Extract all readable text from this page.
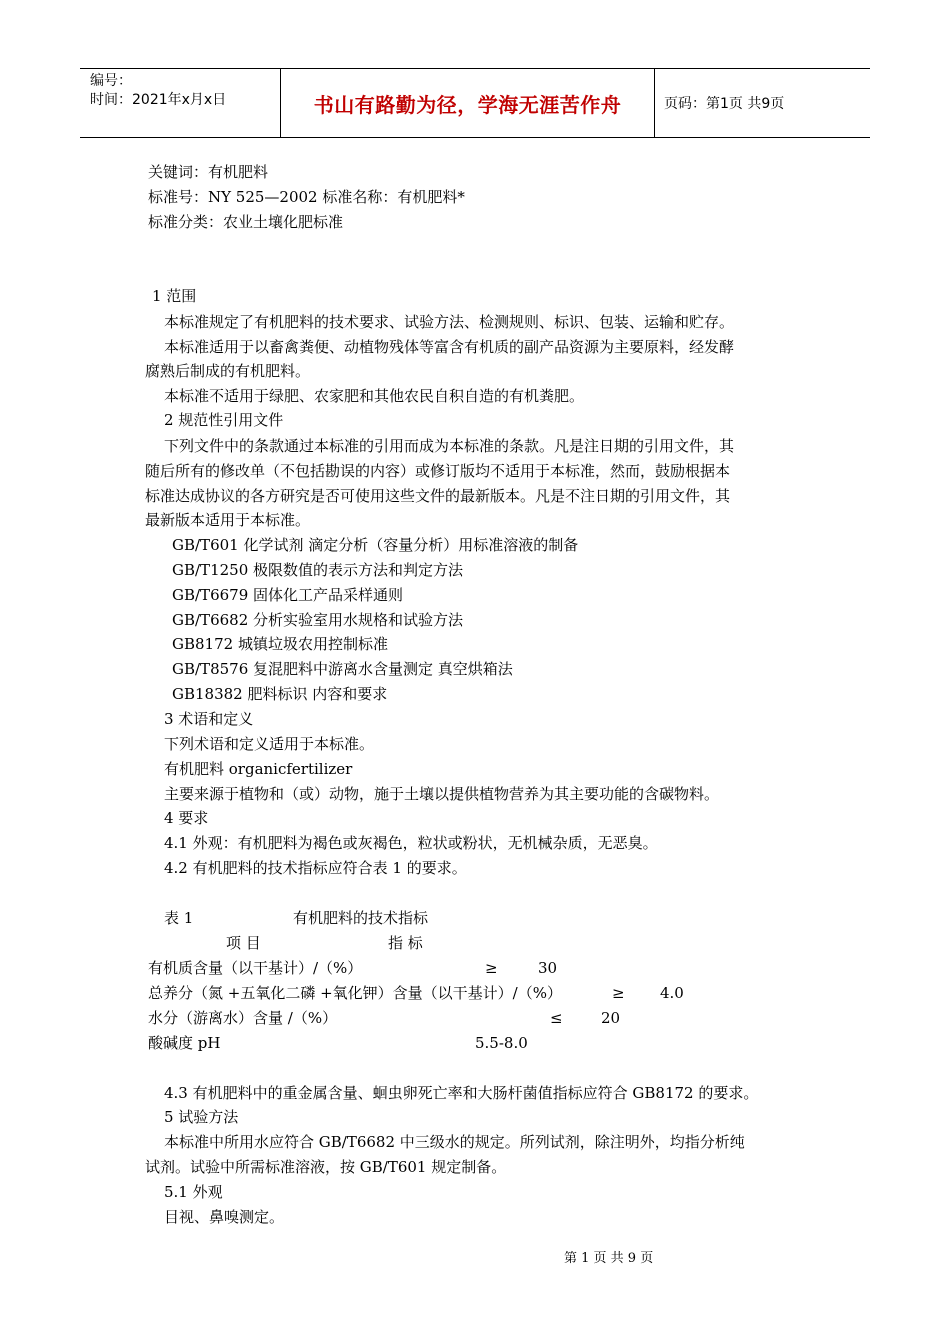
编号：
时间：2021年x月x日	书山有路勤为径，学海无涯苦作舟	页码：第1页 共9页
关键词：有机肥料
标准号：NY 525—2002 标准名称：有机肥料*
标准分类：农业土壤化肥标准
1 范围
本标准规定了有机肥料的技术要求、试验方法、检测规则、标识、包装、运输和贮存。
本标准适用于以畜禽粪便、动植物残体等富含有机质的副产品资源为主要原料，经发酵
腐熟后制成的有机肥料。
本标准不适用于绿肥、农家肥和其他农民自积自造的有机粪肥。
2 规范性引用文件
下列文件中的条款通过本标准的引用而成为本标准的条款。凡是注日期的引用文件，其
随后所有的修改单（不包括勘误的内容）或修订版均不适用于本标准，然而，鼓励根据本
标准达成协议的各方研究是否可使用这些文件的最新版本。凡是不注日期的引用文件，其
最新版本适用于本标准。
GB/T601 化学试剂 滴定分析（容量分析）用标准溶液的制备
GB/T1250 极限数值的表示方法和判定方法
GB/T6679 固体化工产品采样通则
GB/T6682 分析实验室用水规格和试验方法
GB8172 城镇垃圾农用控制标准
GB/T8576 复混肥料中游离水含量测定 真空烘箱法
GB18382 肥料标识 内容和要求
3 术语和定义
下列术语和定义适用于本标准。
有机肥料 organicfertilizer
主要来源于植物和（或）动物，施于土壤以提供植物营养为其主要功能的含碳物料。
4 要求
4.1 外观：有机肥料为褐色或灰褐色，粒状或粉状，无机械杂质，无恶臭。
4.2 有机肥料的技术指标应符合表 1 的要求。
表 1	有机肥料的技术指标
项 目	指 标
有机质含量（以干基计）/（%）	≥	30
总养分（氮 +五氧化二磷 +氧化钾）含量（以干基计）/（%）	≥ 4.0
水分（游离水）含量 /（%）	≤	20
酸碱度 pH	5.5-8.0
4.3 有机肥料中的重金属含量、蛔虫卵死亡率和大肠杆菌值指标应符合 GB8172 的要求。
5 试验方法
本标准中所用水应符合 GB/T6682 中三级水的规定。所列试剂，除注明外，均指分析纯
试剂。试验中所需标准溶液，按 GB/T601 规定制备。
5.1 外观
目视、鼻嗅测定。
第 1 页 共 9 页
